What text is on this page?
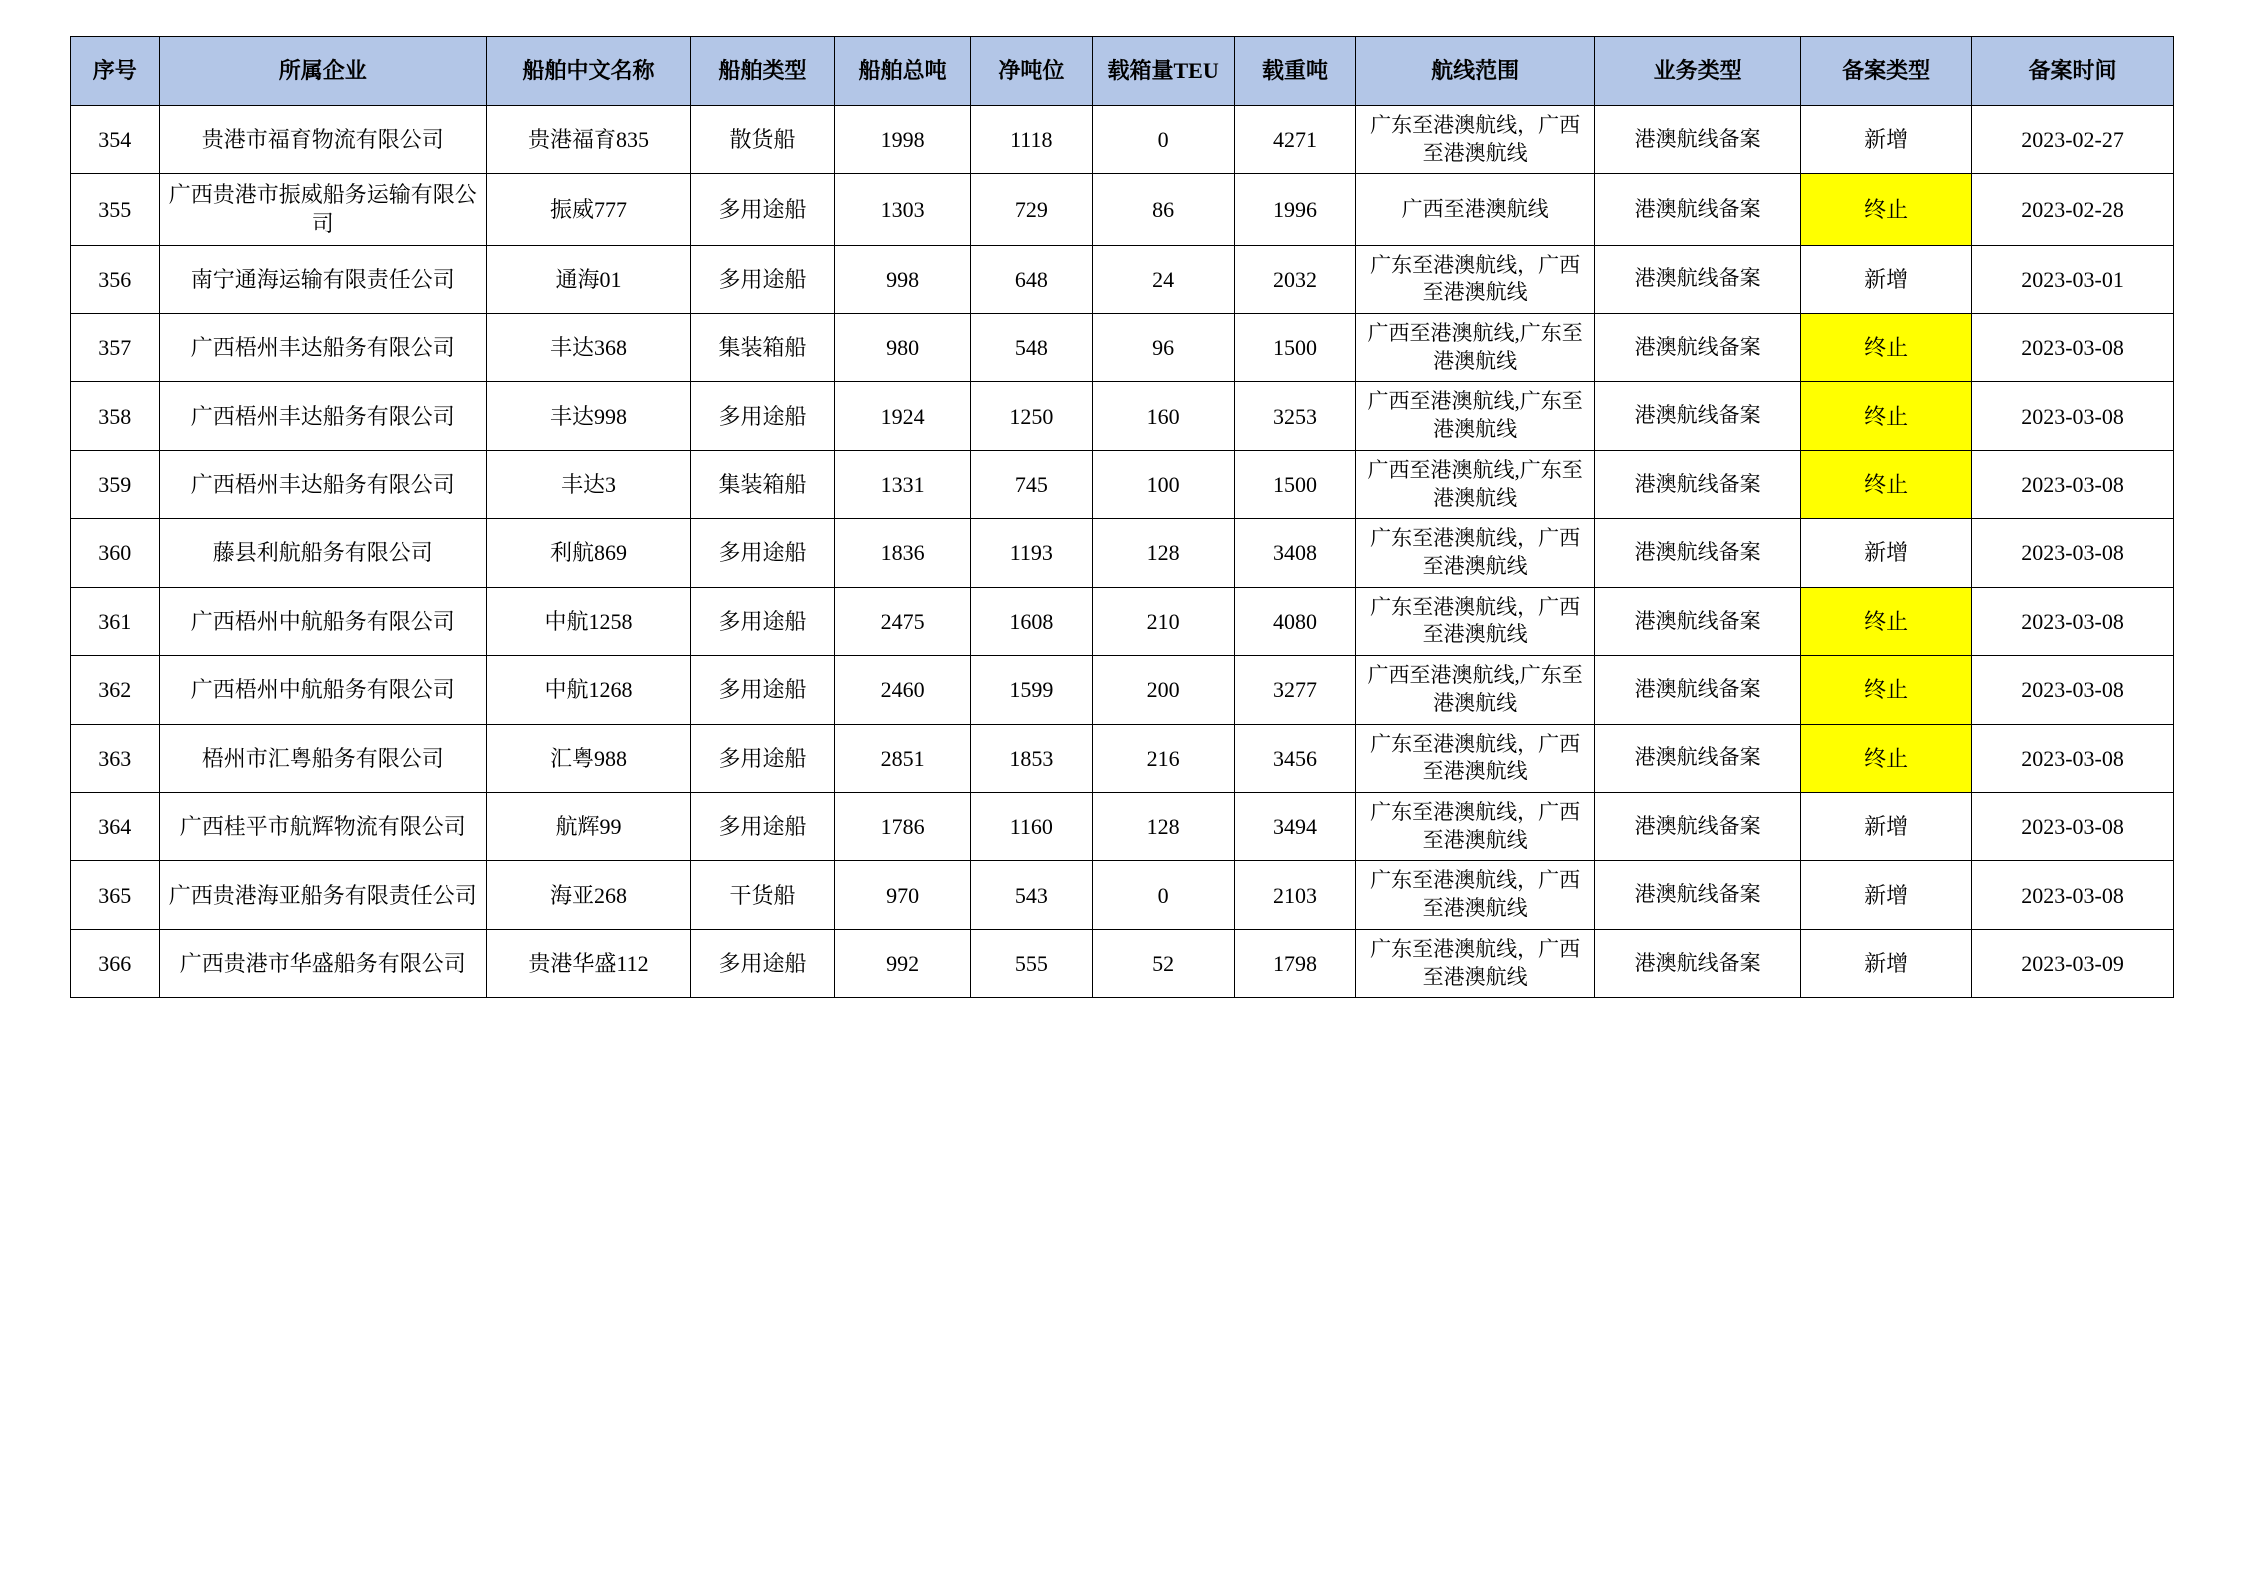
序号	所属企业	船舶中文名称	船舶类型	船舶总吨	净吨位	载箱量TEU	载重吨	航线范围	业务类型	备案类型	备案时间
354	贵港市福育物流有限公司	贵港福育835	散货船	1998	1118	0	4271	广东至港澳航线，广西至港澳航线	港澳航线备案	新增	2023-02-27
355	广西贵港市振威船务运输有限公司	振威777	多用途船	1303	729	86	1996	广西至港澳航线	港澳航线备案	终止	2023-02-28
356	南宁通海运输有限责任公司	通海01	多用途船	998	648	24	2032	广东至港澳航线，广西至港澳航线	港澳航线备案	新增	2023-03-01
357	广西梧州丰达船务有限公司	丰达368	集装箱船	980	548	96	1500	广西至港澳航线,广东至港澳航线	港澳航线备案	终止	2023-03-08
358	广西梧州丰达船务有限公司	丰达998	多用途船	1924	1250	160	3253	广西至港澳航线,广东至港澳航线	港澳航线备案	终止	2023-03-08
359	广西梧州丰达船务有限公司	丰达3	集装箱船	1331	745	100	1500	广西至港澳航线,广东至港澳航线	港澳航线备案	终止	2023-03-08
360	藤县利航船务有限公司	利航869	多用途船	1836	1193	128	3408	广东至港澳航线，广西至港澳航线	港澳航线备案	新增	2023-03-08
361	广西梧州中航船务有限公司	中航1258	多用途船	2475	1608	210	4080	广东至港澳航线，广西至港澳航线	港澳航线备案	终止	2023-03-08
362	广西梧州中航船务有限公司	中航1268	多用途船	2460	1599	200	3277	广西至港澳航线,广东至港澳航线	港澳航线备案	终止	2023-03-08
363	梧州市汇粤船务有限公司	汇粤988	多用途船	2851	1853	216	3456	广东至港澳航线，广西至港澳航线	港澳航线备案	终止	2023-03-08
364	广西桂平市航辉物流有限公司	航辉99	多用途船	1786	1160	128	3494	广东至港澳航线，广西至港澳航线	港澳航线备案	新增	2023-03-08
365	广西贵港海亚船务有限责任公司	海亚268	干货船	970	543	0	2103	广东至港澳航线，广西至港澳航线	港澳航线备案	新增	2023-03-08
366	广西贵港市华盛船务有限公司	贵港华盛112	多用途船	992	555	52	1798	广东至港澳航线，广西至港澳航线	港澳航线备案	新增	2023-03-09
